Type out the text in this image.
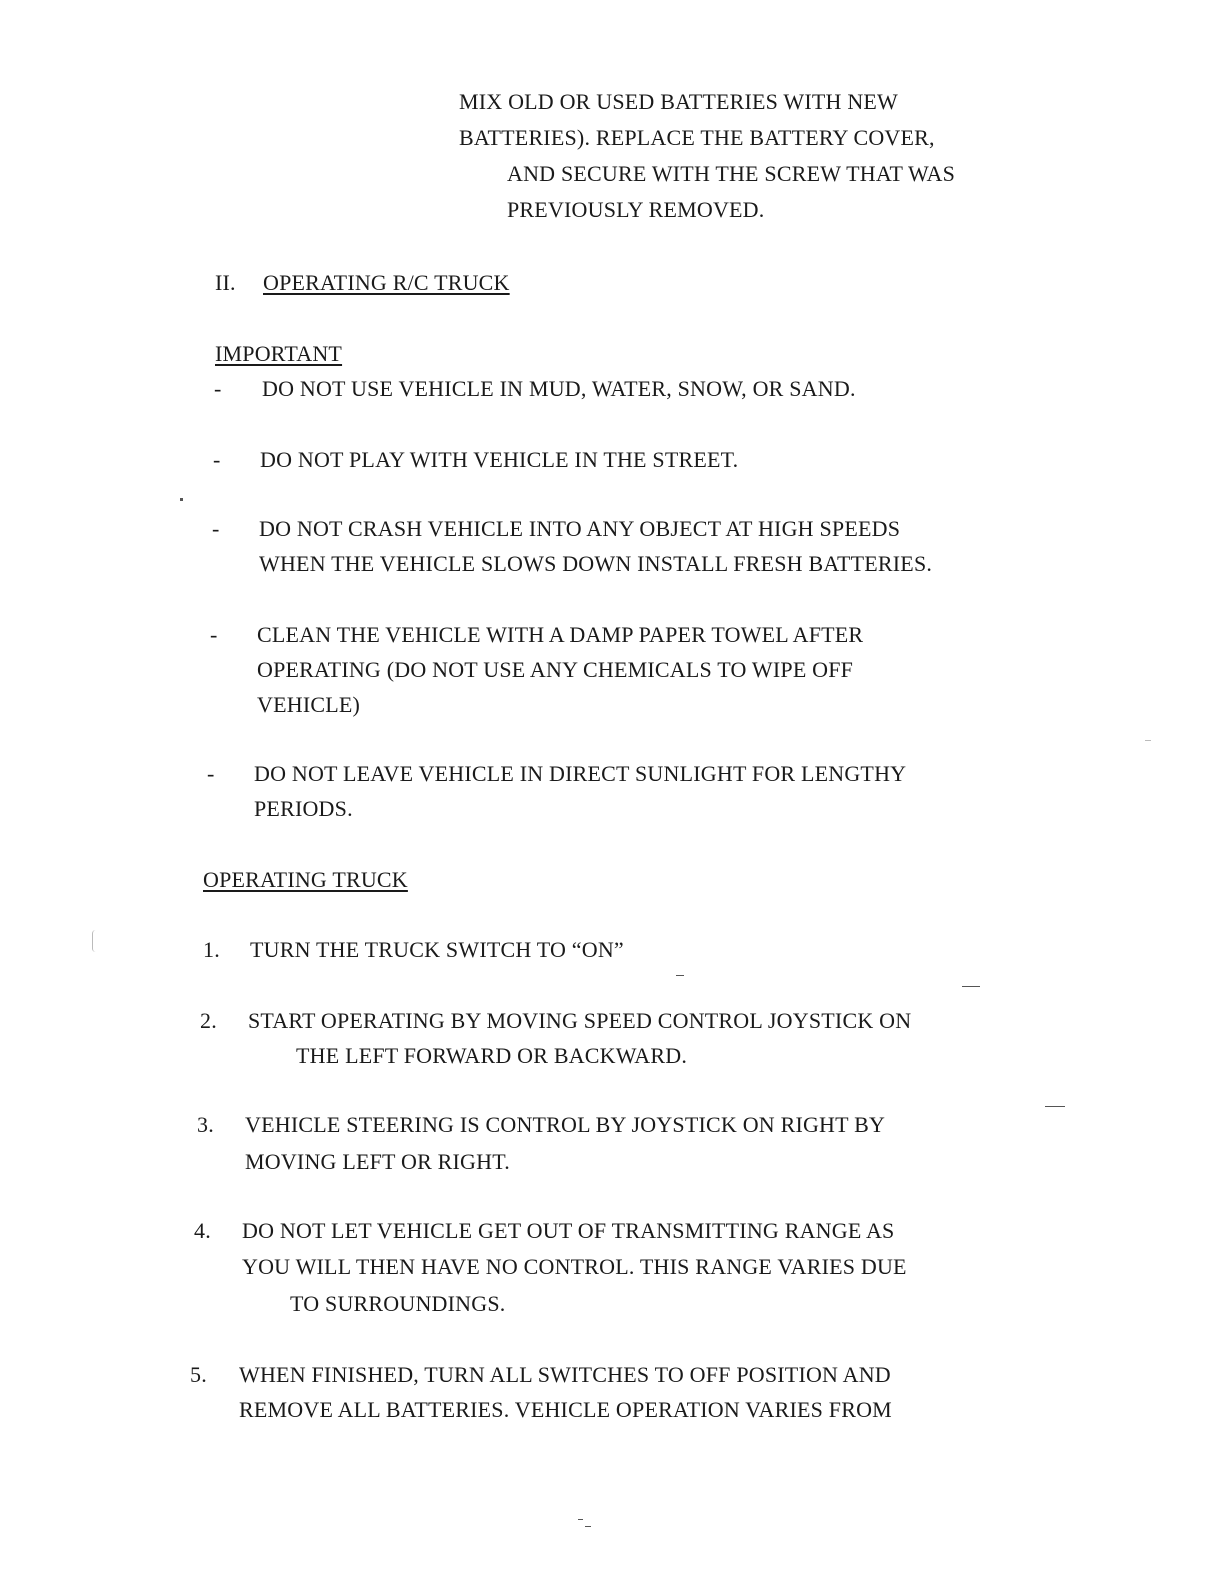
MIX OLD OR USED BATTERIES WITH NEW
BATTERIES). REPLACE THE BATTERY COVER,
AND SECURE WITH THE SCREW THAT WAS
PREVIOUSLY REMOVED.
II. OPERATING R/C TRUCK
IMPORTANT
- DO NOT USE VEHICLE IN MUD, WATER, SNOW, OR SAND.
- DO NOT PLAY WITH VEHICLE IN THE STREET.
- DO NOT CRASH VEHICLE INTO ANY OBJECT AT HIGH SPEEDS
WHEN THE VEHICLE SLOWS DOWN INSTALL FRESH BATTERIES.
- CLEAN THE VEHICLE WITH A DAMP PAPER TOWEL AFTER
OPERATING (DO NOT USE ANY CHEMICALS TO WIPE OFF
VEHICLE)
- DO NOT LEAVE VEHICLE IN DIRECT SUNLIGHT FOR LENGTHY
PERIODS.
OPERATING TRUCK
1. TURN THE TRUCK SWITCH TO “ON”
2. START OPERATING BY MOVING SPEED CONTROL JOYSTICK ON
THE LEFT FORWARD OR BACKWARD.
3. VEHICLE STEERING IS CONTROL BY JOYSTICK ON RIGHT BY
MOVING LEFT OR RIGHT.
4. DO NOT LET VEHICLE GET OUT OF TRANSMITTING RANGE AS
YOU WILL THEN HAVE NO CONTROL. THIS RANGE VARIES DUE
TO SURROUNDINGS.
5. WHEN FINISHED, TURN ALL SWITCHES TO OFF POSITION AND
REMOVE ALL BATTERIES. VEHICLE OPERATION VARIES FROM
